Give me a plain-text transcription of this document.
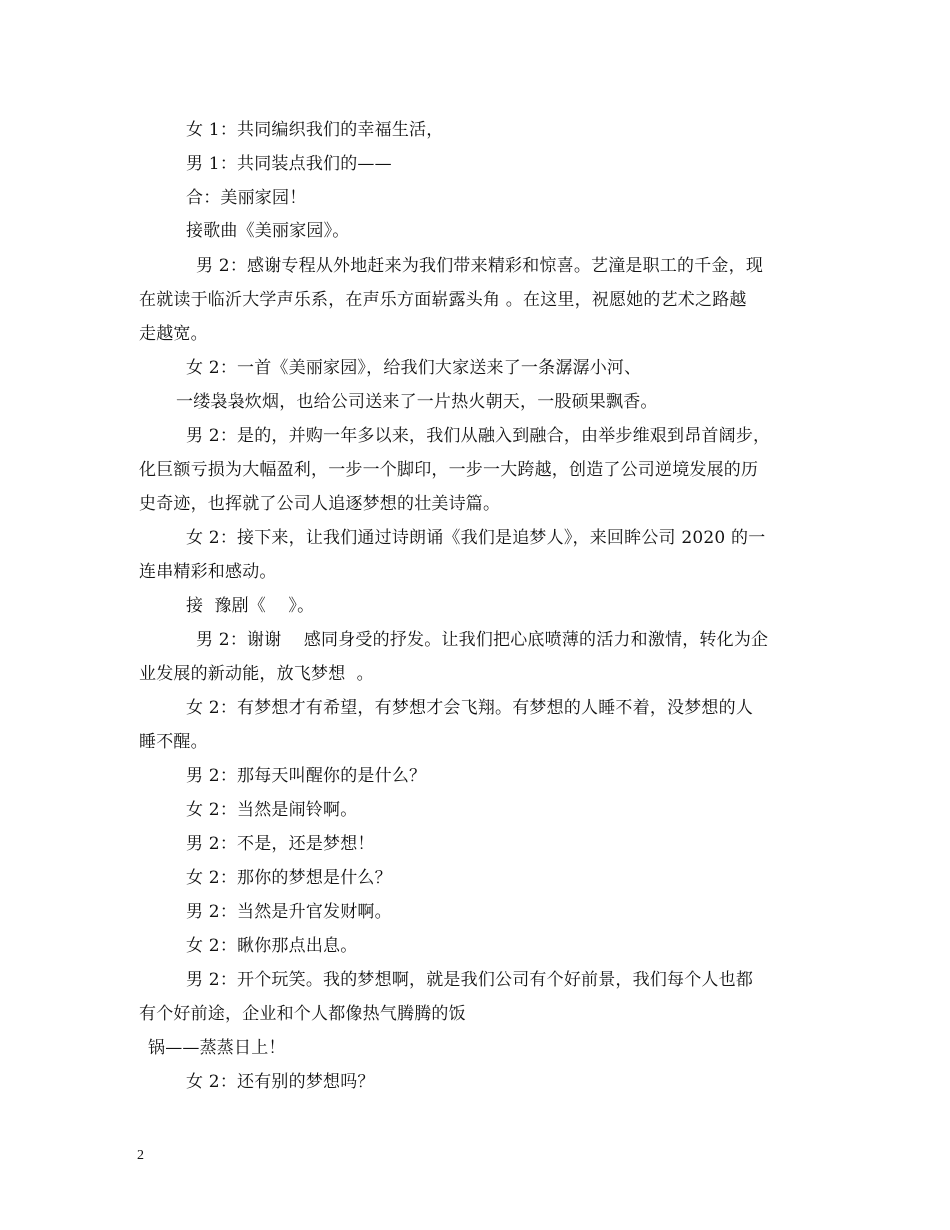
女 1：共同编织我们的幸福生活，
男 1：共同装点我们的——
合：美丽家园！
接歌曲《美丽家园》。
男 2：感谢专程从外地赶来为我们带来精彩和惊喜。艺潼是职工的千金，现
在就读于临沂大学声乐系，在声乐方面崭露头角 。在这里，祝愿她的艺术之路越
走越宽。
女 2：一首《美丽家园》，给我们大家送来了一条潺潺小河、
一缕袅袅炊烟，也给公司送来了一片热火朝天，一股硕果飘香。
男 2：是的，并购一年多以来，我们从融入到融合，由举步维艰到昂首阔步，
化巨额亏损为大幅盈利，一步一个脚印，一步一大跨越，创造了公司逆境发展的历
史奇迹，也挥就了公司人追逐梦想的壮美诗篇。
女 2：接下来，让我们通过诗朗诵《我们是追梦人》，来回眸公司 2020 的一
连串精彩和感动。
接  豫剧《    》。
男 2：谢谢    感同身受的抒发。让我们把心底喷薄的活力和激情，转化为企
业发展的新动能，放飞梦想  。
女 2：有梦想才有希望，有梦想才会飞翔。有梦想的人睡不着，没梦想的人
睡不醒。
男 2：那每天叫醒你的是什么？
女 2：当然是闹铃啊。
男 2：不是，还是梦想！
女 2：那你的梦想是什么？
男 2：当然是升官发财啊。
女 2：瞅你那点出息。
男 2：开个玩笑。我的梦想啊，就是我们公司有个好前景，我们每个人也都
有个好前途，企业和个人都像热气腾腾的饭
锅——蒸蒸日上！
女 2：还有别的梦想吗？
2
